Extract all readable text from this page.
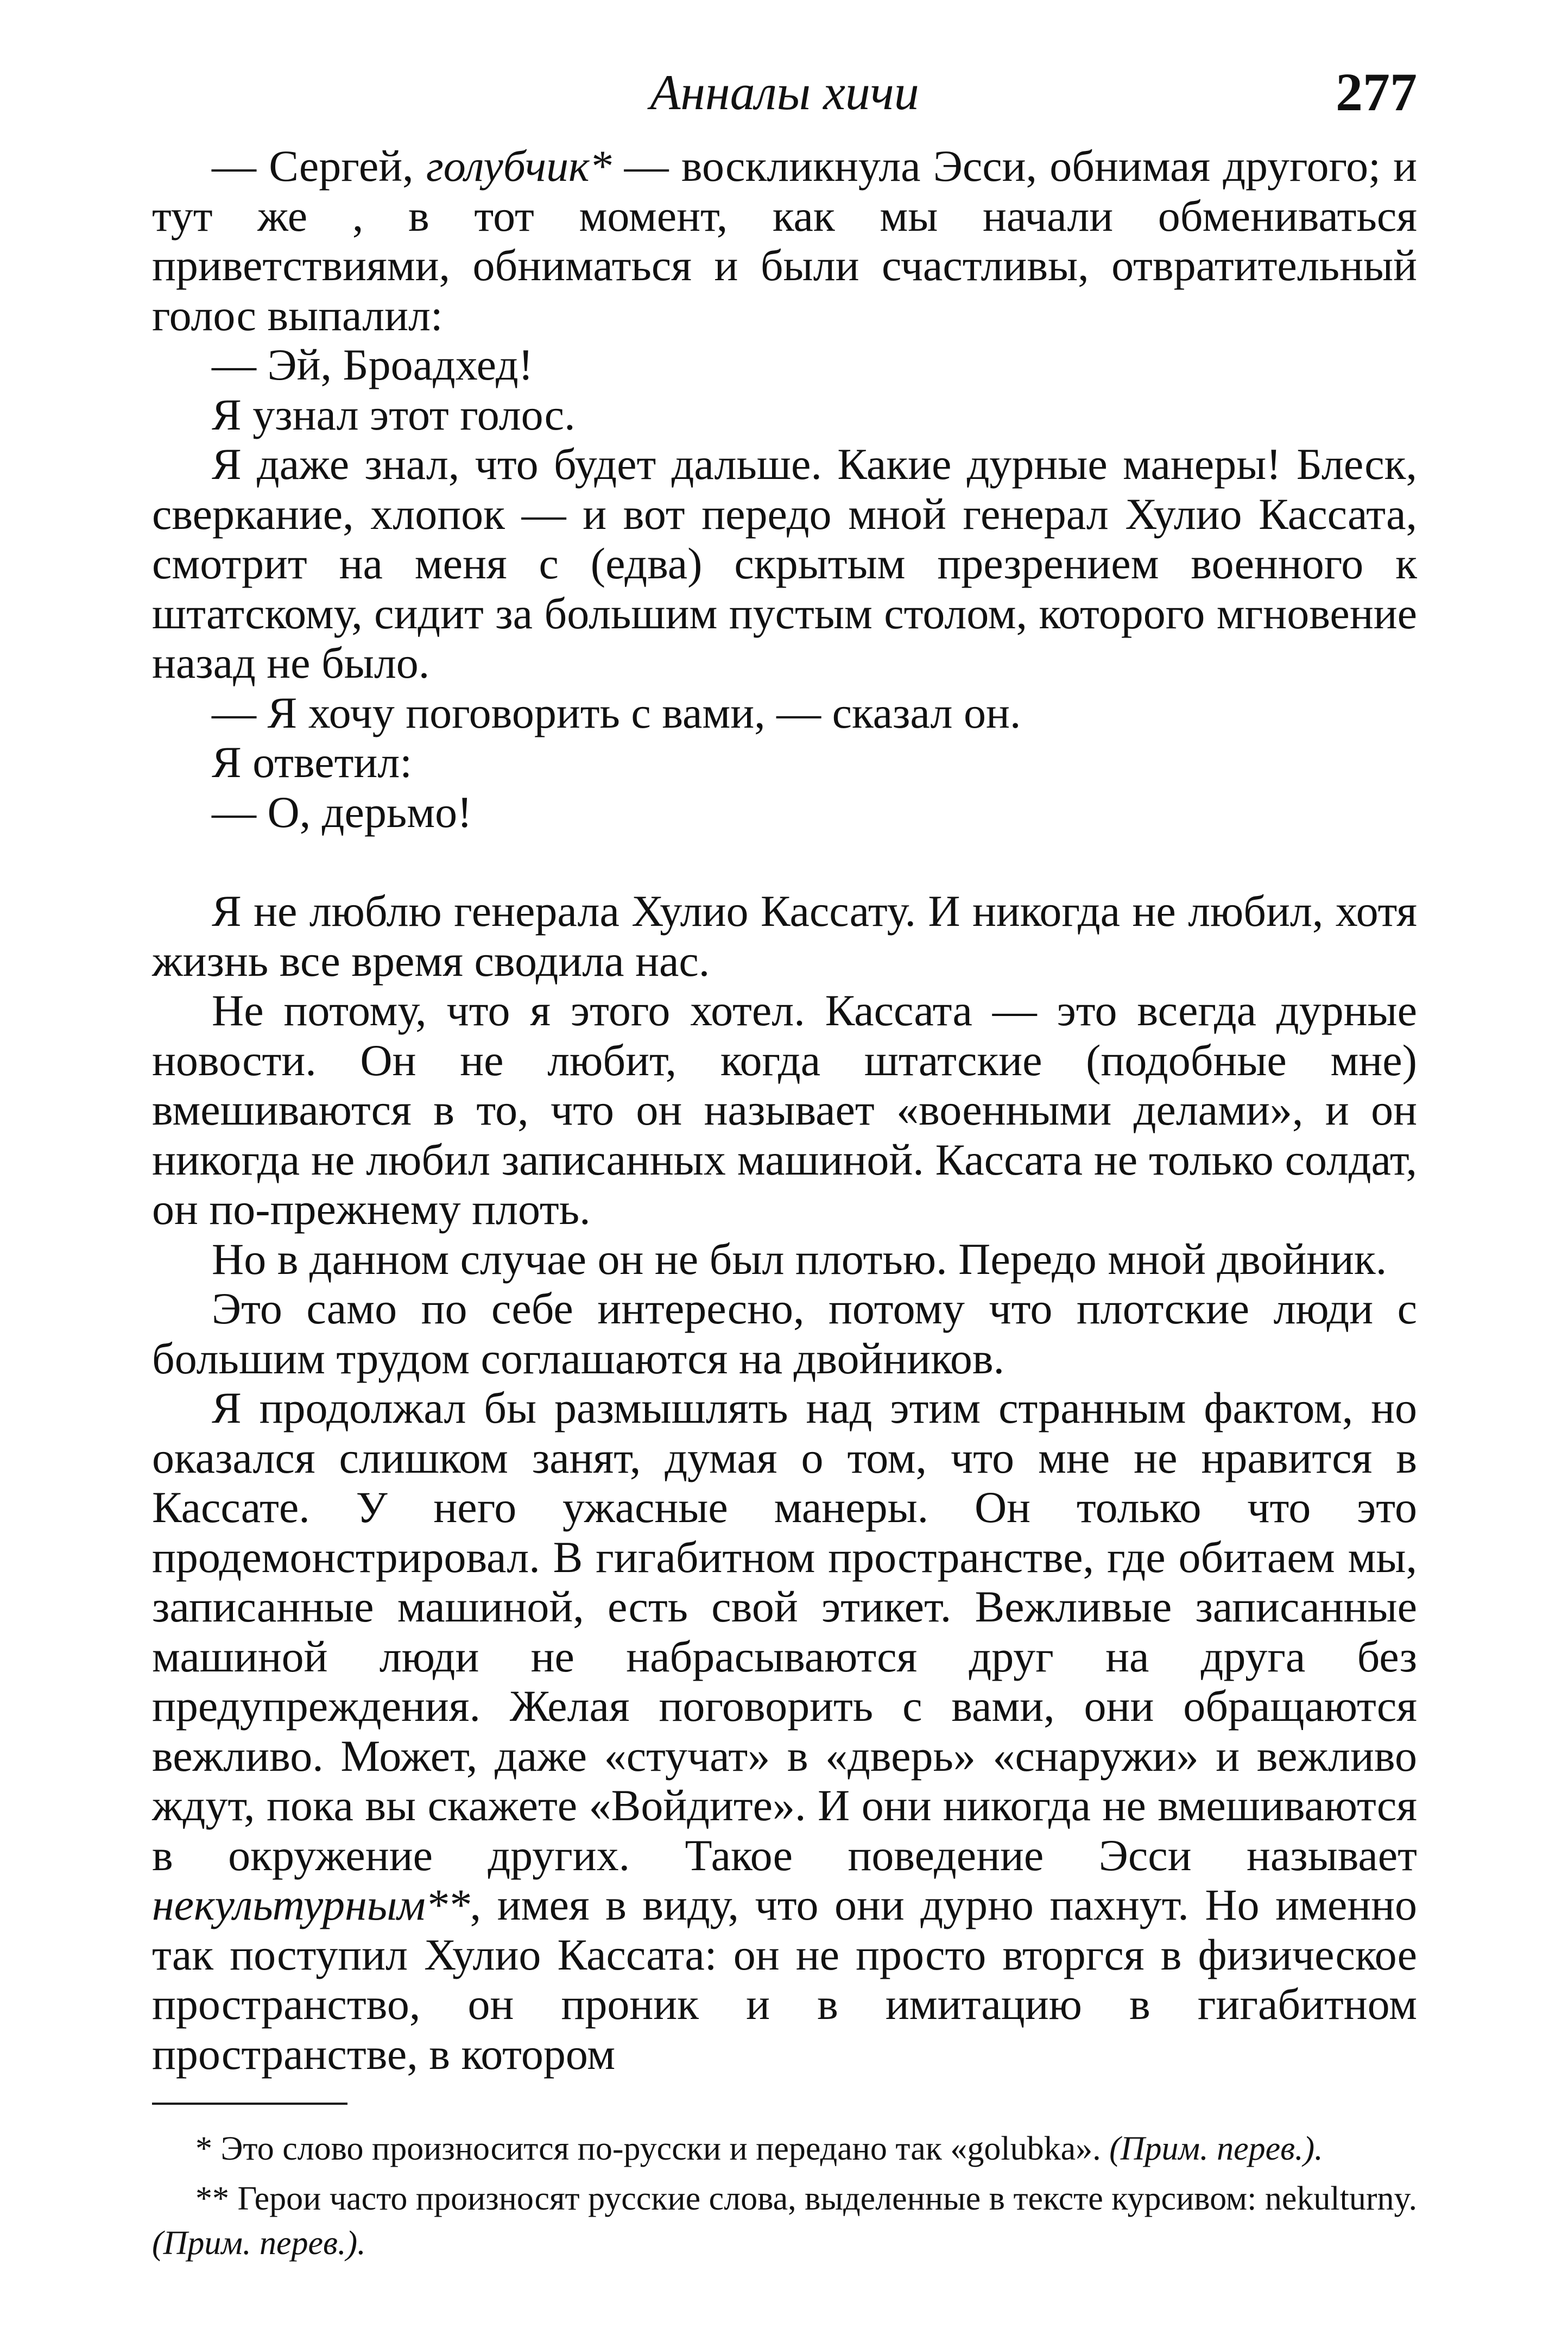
Анналы хичи	277

— Сергей, голубчик* — воскликнула Эсси, обнимая другого; и тут же , в тот момент, как мы начали обмениваться приветствиями, обниматься и были счастливы, отвратительный голос выпалил:

— Эй, Броадхед!

Я узнал этот голос.

Я даже знал, что будет дальше. Какие дурные манеры! Блеск, сверкание, хлопок — и вот передо мной генерал Хулио Кассата, смотрит на меня с (едва) скрытым презрением военного к штатскому, сидит за большим пустым столом, которого мгновение назад не было.

— Я хочу поговорить с вами, — сказал он.

Я ответил:

— О, дерьмо!

Я не люблю генерала Хулио Кассату. И никогда не любил, хотя жизнь все время сводила нас.

Не потому, что я этого хотел. Кассата — это всегда дурные новости. Он не любит, когда штатские (подобные мне) вмешиваются в то, что он называет «военными делами», и он никогда не любил записанных машиной. Кассата не только солдат, он по-прежнему плоть.

Но в данном случае он не был плотью. Передо мной двойник.

Это само по себе интересно, потому что плотские люди с большим трудом соглашаются на двойников.

Я продолжал бы размышлять над этим странным фактом, но оказался слишком занят, думая о том, что мне не нравится в Кассате. У него ужасные манеры. Он только что это продемонстрировал. В гигабитном пространстве, где обитаем мы, записанные машиной, есть свой этикет. Вежливые записанные машиной люди не набрасываются друг на друга без предупреждения. Желая поговорить с вами, они обращаются вежливо. Может, даже «стучат» в «дверь» «снаружи» и вежливо ждут, пока вы скажете «Войдите». И они никогда не вмешиваются в окружение других. Такое поведение Эсси называет некультурным**, имея в виду, что они дурно пахнут. Но именно так поступил Хулио Кассата: он не просто вторгся в физическое пространство, он проник и в имитацию в гигабитном пространстве, в котором

* Это слово произносится по-русски и передано так «golubka». (Прим. перев.).

** Герои часто произносят русские слова, выделенные в тексте курсивом: nekulturny. (Прим. перев.).
